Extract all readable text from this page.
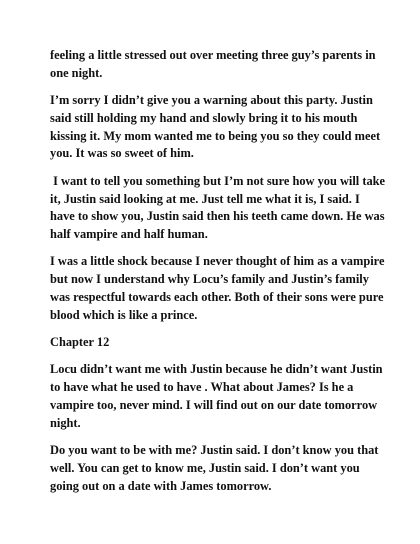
feeling a little stressed out over meeting three guy’s parents in one night.

I’m sorry I didn’t give you a warning about this party. Justin said still holding my hand and slowly bring it to his mouth kissing it. My mom wanted me to being you so they could meet you. It was so sweet of him.

I want to tell you something but I’m not sure how you will take it, Justin said looking at me. Just tell me what it is, I said. I have to show you, Justin said then his teeth came down. He was half vampire and half human.

I was a little shock because I never thought of him as a vampire but now I understand why Locu’s family and Justin’s family was respectful towards each other. Both of their sons were pure blood which is like a prince.

Chapter 12

Locu didn’t want me with Justin because he didn’t want Justin to have what he used to have . What about James? Is he a vampire too, never mind. I will find out on our date tomorrow night.

Do you want to be with me? Justin said. I don’t know you that well. You can get to know me, Justin said. I don’t want you going out on a date with James tomorrow.
